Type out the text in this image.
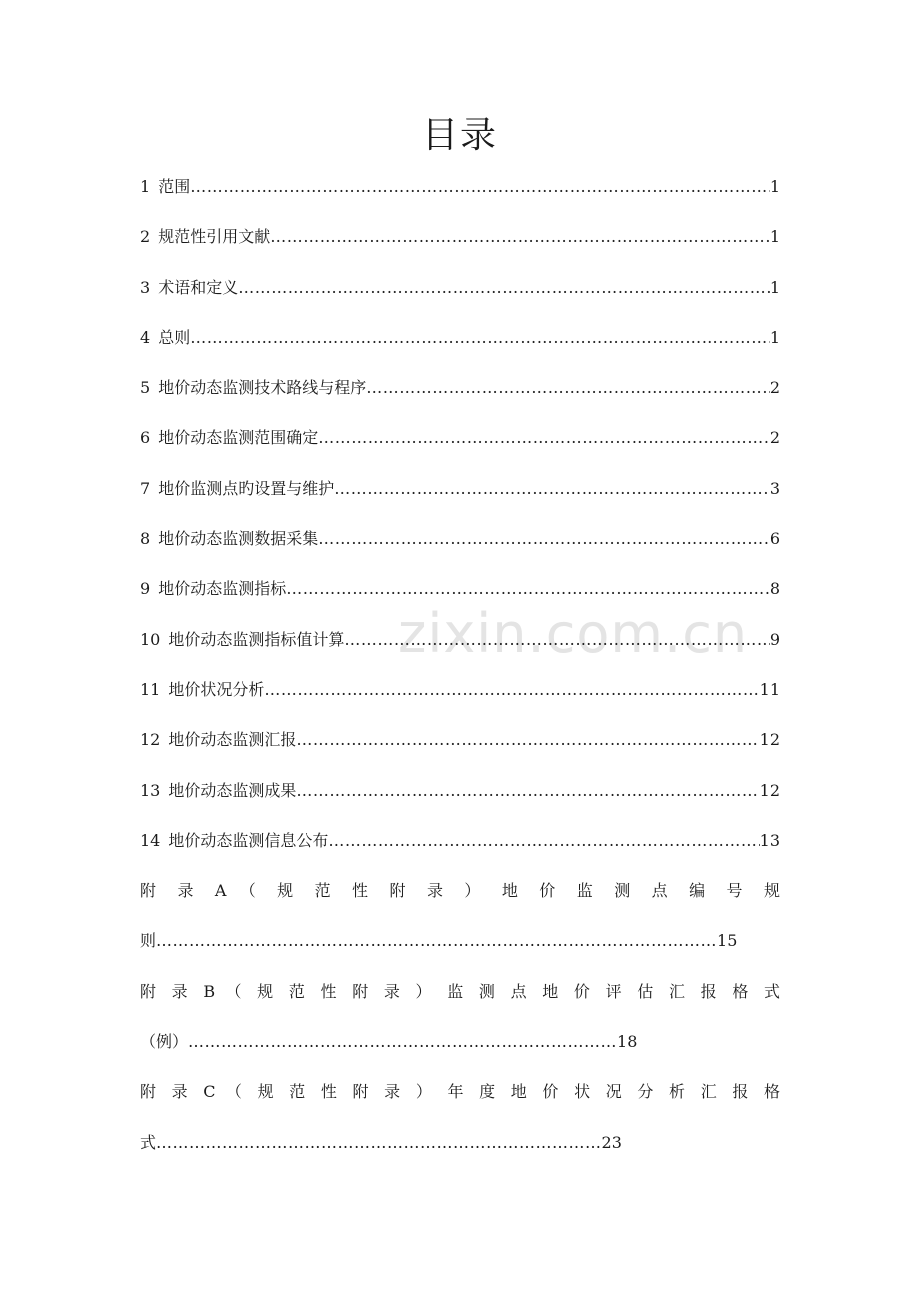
目录
zixin.com.cn
1 范围 …………………………………………………………………………………………………………………………………………………………………………………………………………………	1
2 规范性引用文献 …………………………………………………………………………………………………………………………………………………………………………………………………………………	1
3 术语和定义 …………………………………………………………………………………………………………………………………………………………………………………………………………………	1
4 总则 …………………………………………………………………………………………………………………………………………………………………………………………………………………	1
5 地价动态监测技术路线与程序 …………………………………………………………………………………………………………………………………………………………………………………………………………………	2
6 地价动态监测范围确定 …………………………………………………………………………………………………………………………………………………………………………………………………………………	2
7 地价监测点旳设置与维护 …………………………………………………………………………………………………………………………………………………………………………………………………………………	3
8 地价动态监测数据采集 …………………………………………………………………………………………………………………………………………………………………………………………………………………	6
9 地价动态监测指标 …………………………………………………………………………………………………………………………………………………………………………………………………………………	8
10 地价动态监测指标值计算 …………………………………………………………………………………………………………………………………………………………………………………………………………………	9
11 地价状况分析 …………………………………………………………………………………………………………………………………………………………………………………………………………………	11
12 地价动态监测汇报 …………………………………………………………………………………………………………………………………………………………………………………………………………………	12
13 地价动态监测成果 …………………………………………………………………………………………………………………………………………………………………………………………………………………	12
14 地价动态监测信息公布 …………………………………………………………………………………………………………………………………………………………………………………………………………………	13
附 录 A （ 规 范 性 附 录 ） 地 价 监 测 点 编 号 规
则 …………………………………………………………………………………………	15
附 录 B （ 规 范 性 附 录 ） 监 测 点 地 价 评 估 汇 报 格 式
（例） ……………………………………………………………………	18
附 录 C （ 规 范 性 附 录 ） 年 度 地 价 状 况 分 析 汇 报 格
式 ………………………………………………………………………	23
